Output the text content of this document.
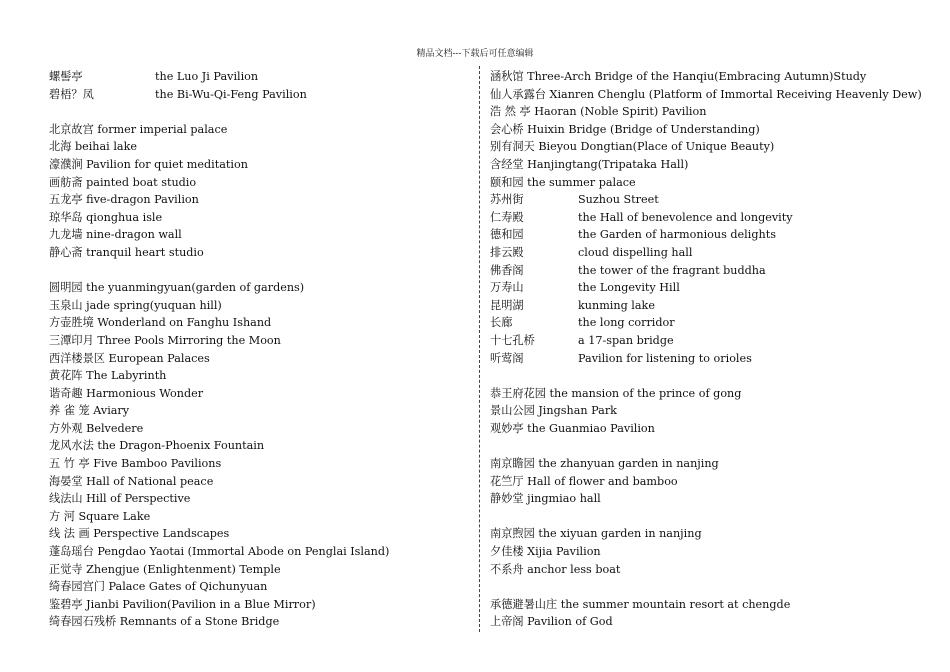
精品文档---下载后可任意编辑
螺髻亭	the Luo Ji Pavilion
碧梧？凤	the Bi-Wu-Qi-Feng Pavilion
北京故宫 former imperial palace
北海 beihai lake
濠濮涧 Pavilion for quiet meditation
画舫斋 painted boat studio
五龙亭 five-dragon Pavilion
琼华岛 qionghua isle
九龙墙 nine-dragon wall
静心斋 tranquil heart studio
圆明园 the yuanmingyuan(garden of gardens)
玉泉山 jade spring(yuquan hill)
方壶胜境 Wonderland on Fanghu Ishand
三潭印月 Three Pools Mirroring the Moon
西洋楼景区 European Palaces
黄花阵 The Labyrinth
谐奇趣 Harmonious Wonder
养 雀 笼 Aviary
方外观 Belvedere
龙风水法 the Dragon-Phoenix Fountain
五 竹 亭 Five Bamboo Pavilions
海晏堂 Hall of National peace
线法山 Hill of Perspective
方 河 Square Lake
线 法 画 Perspective Landscapes
蓬岛瑶台 Pengdao Yaotai (Immortal Abode on Penglai Island)
正觉寺 Zhengjue (Enlightenment) Temple
绮春园宫门 Palace Gates of Qichunyuan
鉴碧亭 Jianbi Pavilion(Pavilion in a Blue Mirror)
绮春园石残桥 Remnants of a Stone Bridge
涵秋馆 Three-Arch Bridge of the Hanqiu(Embracing Autumn)Study
仙人承露台 Xianren Chenglu (Platform of Immortal Receiving Heavenly Dew)
浩 然 亭 Haoran (Noble Spirit) Pavilion
会心桥 Huixin Bridge (Bridge of Understanding)
别有洞天 Bieyou Dongtian(Place of Unique Beauty)
含经堂 Hanjingtang(Tripataka Hall)
颐和园 the summer palace
苏州街	Suzhou Street
仁寿殿	the Hall of benevolence and longevity
德和园	the Garden of harmonious delights
排云殿	cloud dispelling hall
佛香阁	the tower of the fragrant buddha
万寿山	the Longevity Hill
昆明湖	kunming lake
长廊	the long corridor
十七孔桥	a 17-span bridge
听莺阁	Pavilion for listening to orioles
恭王府花园 the mansion of the prince of gong
景山公园 Jingshan Park
观妙亭 the Guanmiao Pavilion
南京瞻园 the zhanyuan garden in nanjing
花竺厅 Hall of flower and bamboo
静妙堂 jingmiao hall
南京煦园 the xiyuan garden in nanjing
夕佳楼 Xijia Pavilion
不系舟 anchor less boat
承德避暑山庄 the summer mountain resort at chengde
上帝阁 Pavilion of God
